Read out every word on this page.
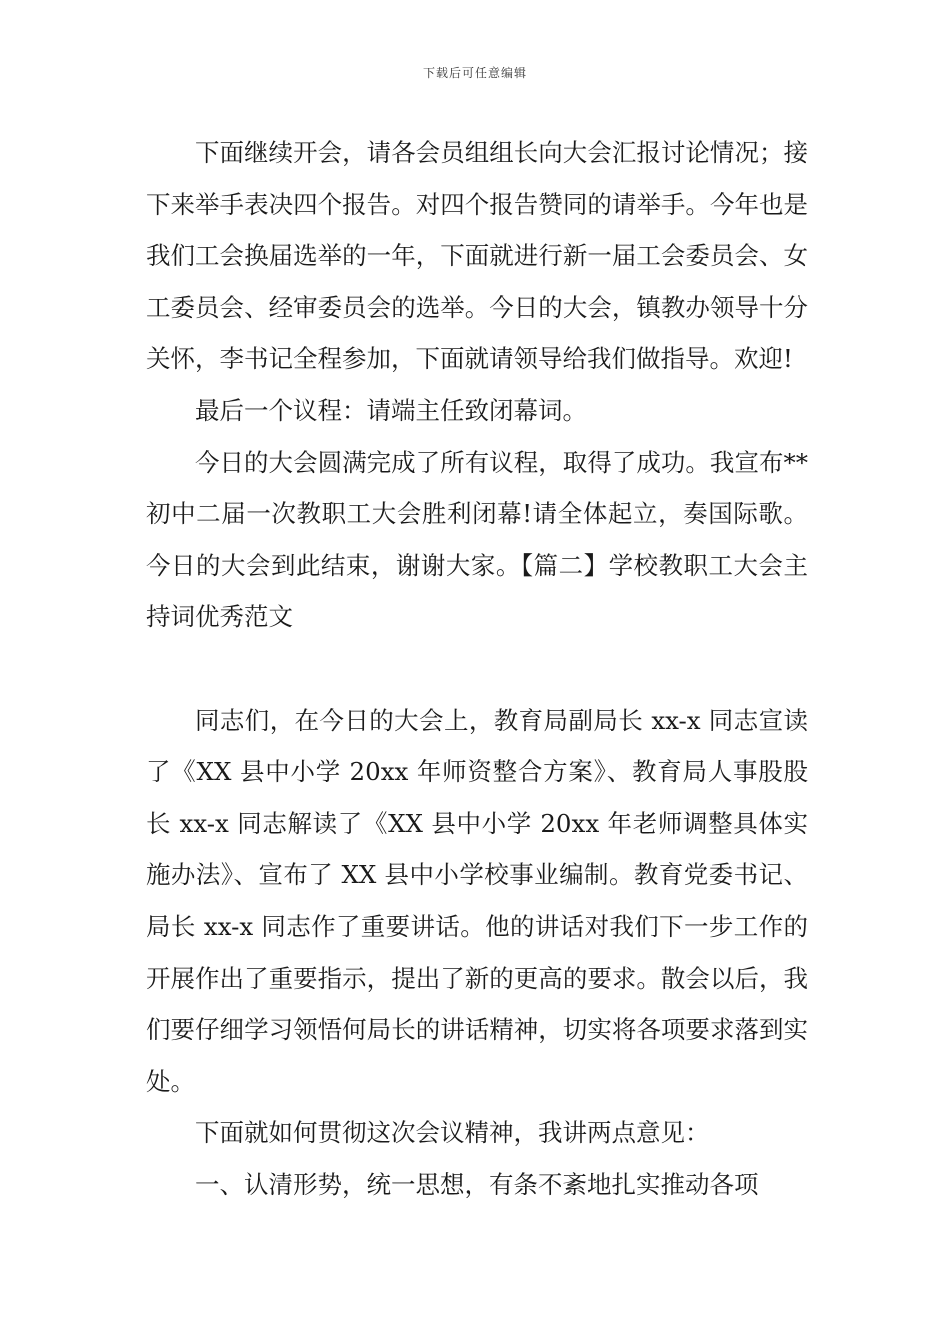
下载后可任意编辑

下面继续开会，请各会员组组长向大会汇报讨论情况；接下来举手表决四个报告。对四个报告赞同的请举手。今年也是我们工会换届选举的一年，下面就进行新一届工会委员会、女工委员会、经审委员会的选举。今日的大会，镇教办领导十分关怀，李书记全程参加，下面就请领导给我们做指导。欢迎!

最后一个议程：请端主任致闭幕词。

今日的大会圆满完成了所有议程，取得了成功。我宣布**初中二届一次教职工大会胜利闭幕!请全体起立，奏国际歌。今日的大会到此结束，谢谢大家。【篇二】学校教职工大会主持词优秀范文

同志们，在今日的大会上，教育局副局长 xx-x 同志宣读了《XX 县中小学 20xx 年师资整合方案》、教育局人事股股长 xx-x 同志解读了《XX 县中小学 20xx 年老师调整具体实施办法》、宣布了 XX 县中小学校事业编制。教育党委书记、局长 xx-x 同志作了重要讲话。他的讲话对我们下一步工作的开展作出了重要指示，提出了新的更高的要求。散会以后，我们要仔细学习领悟何局长的讲话精神，切实将各项要求落到实处。

下面就如何贯彻这次会议精神，我讲两点意见：

一、认清形势，统一思想，有条不紊地扎实推动各项
